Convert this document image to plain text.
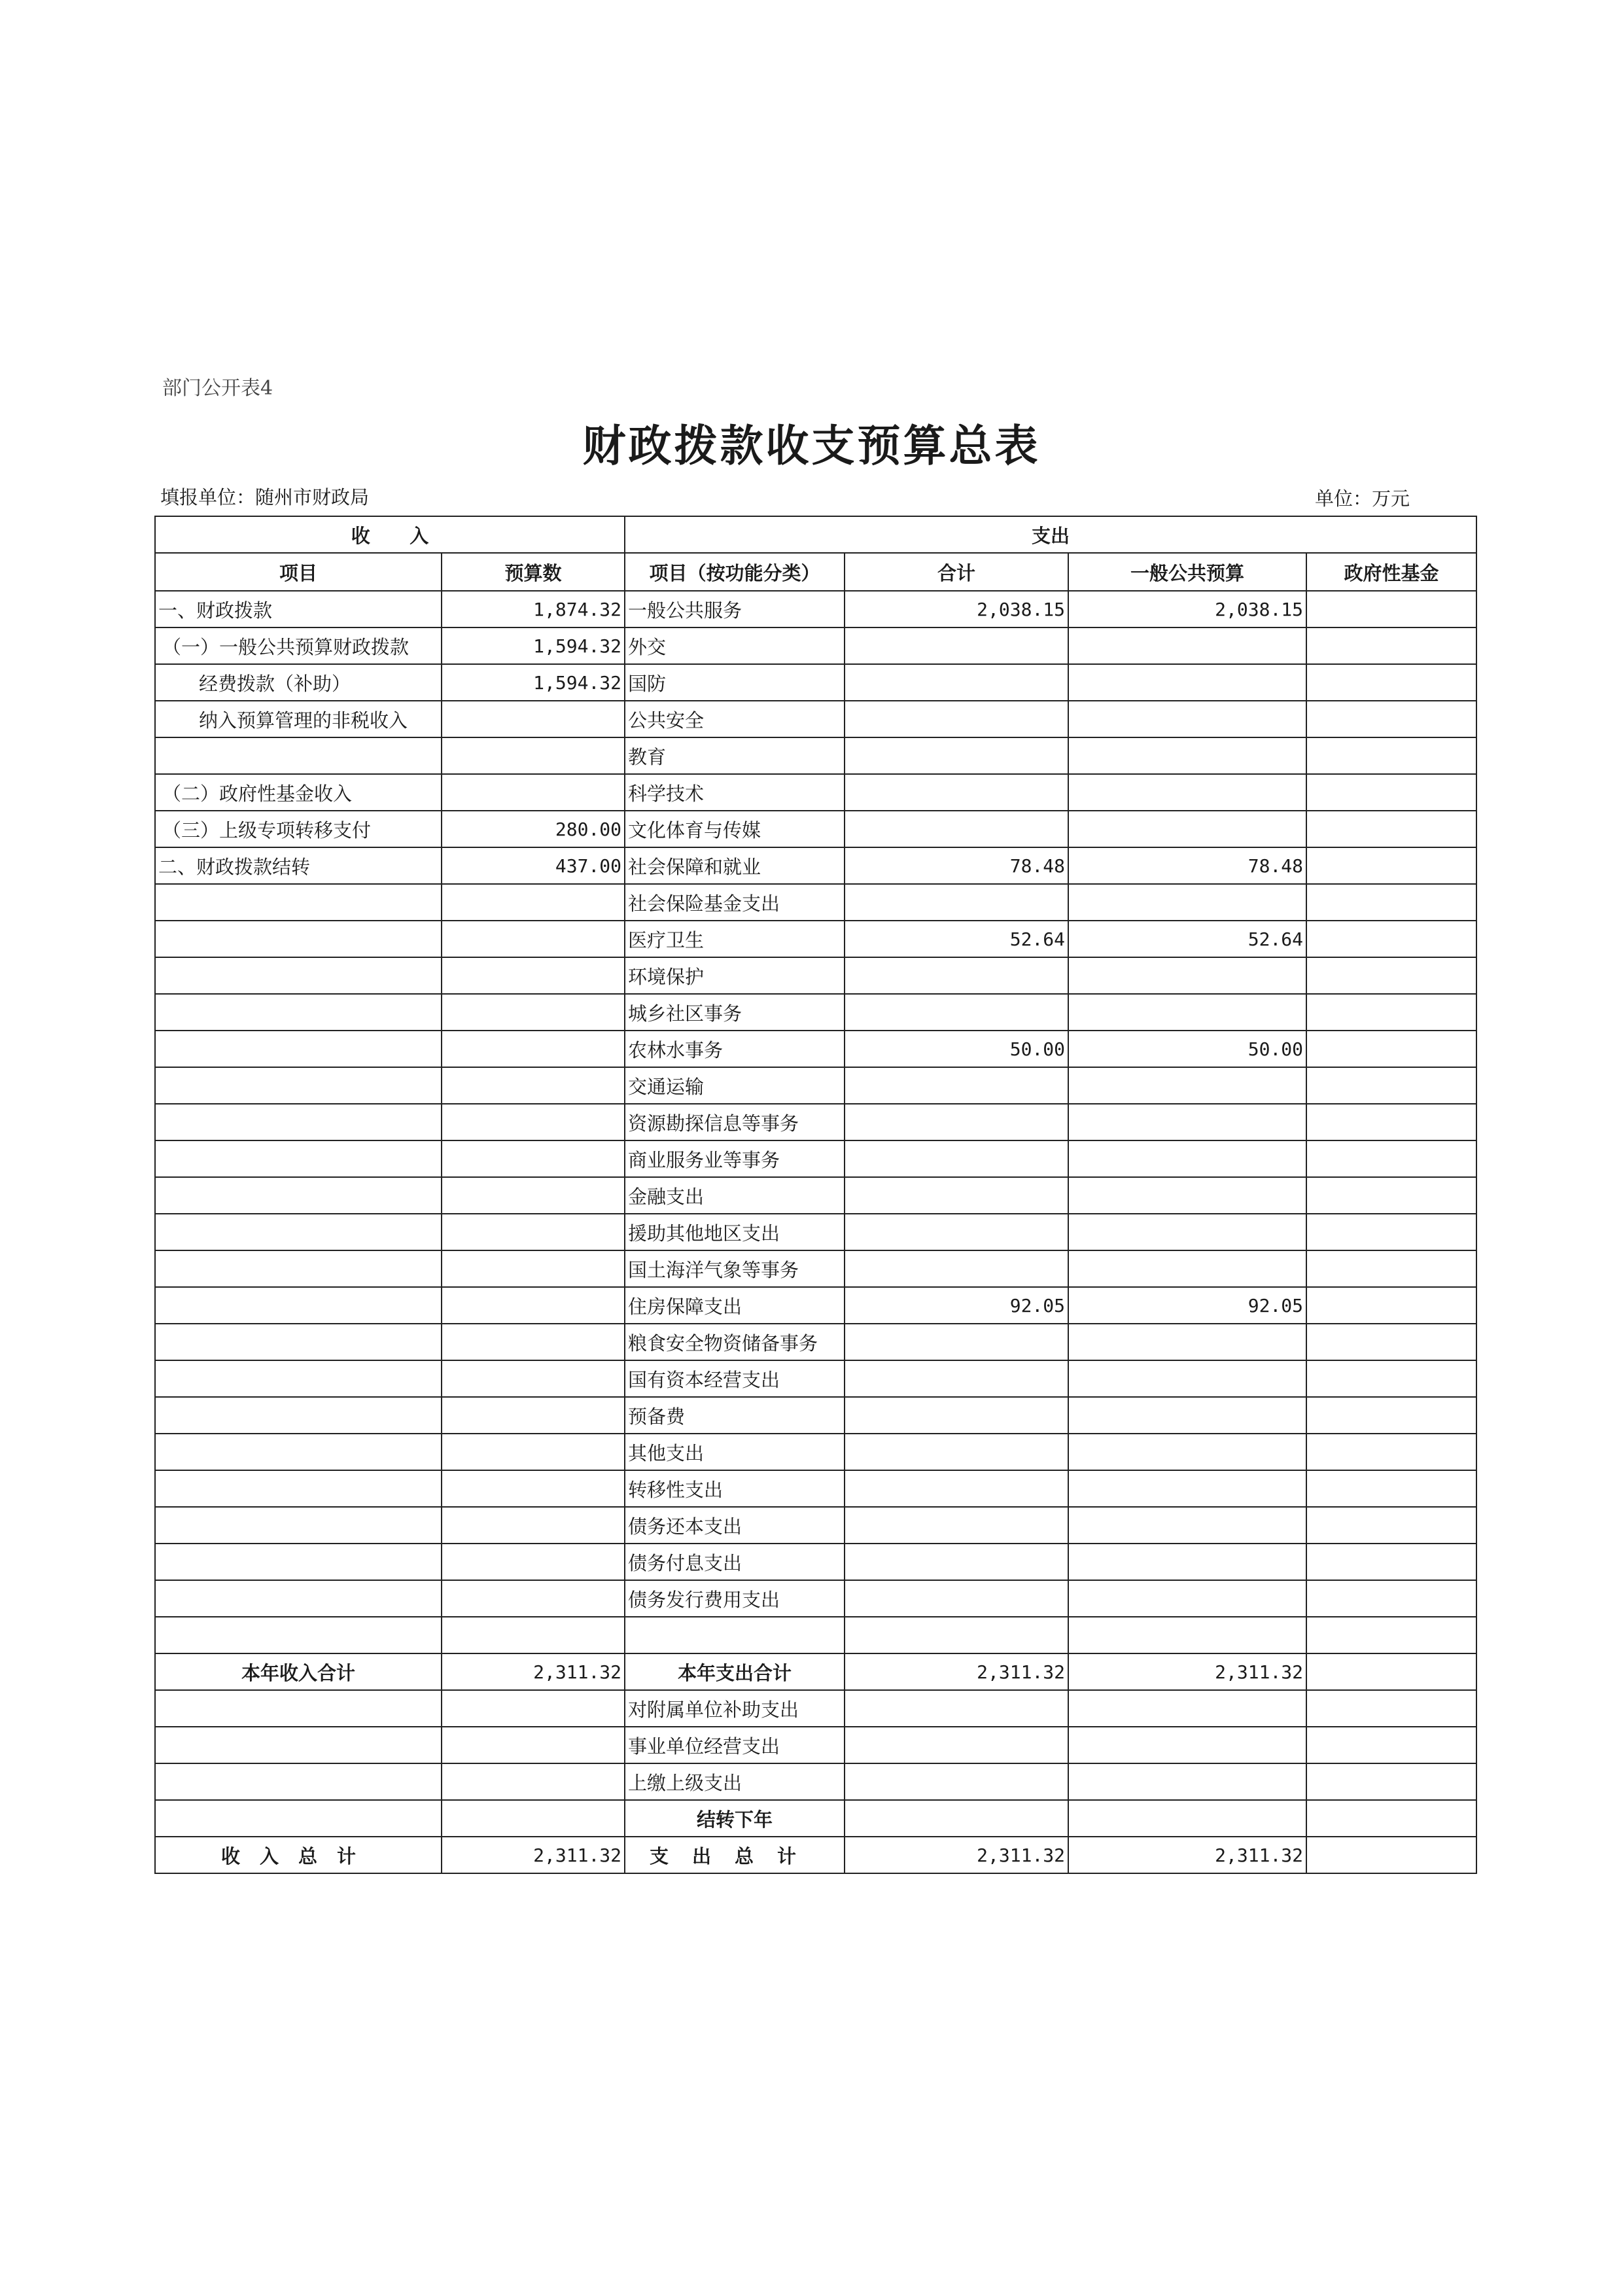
部门公开表4
财政拨款收支预算总表
填报单位：随州市财政局	单位：万元
收      入		支出			
项目	预算数	项目（按功能分类）	合计	一般公共预算	政府性基金
一、财政拨款	1,874.32	一般公共服务	2,038.15	2,038.15	
（一）一般公共预算财政拨款	1,594.32	外交			
经费拨款（补助）	1,594.32	国防			
纳入预算管理的非税收入		公共安全			
		教育			
（二）政府性基金收入		科学技术			
（三）上级专项转移支付	280.00	文化体育与传媒			
二、财政拨款结转	437.00	社会保障和就业	78.48	78.48	
		社会保险基金支出			
		医疗卫生	52.64	52.64	
		环境保护			
		城乡社区事务			
		农林水事务	50.00	50.00	
		交通运输			
		资源勘探信息等事务			
		商业服务业等事务			
		金融支出			
		援助其他地区支出			
		国土海洋气象等事务			
		住房保障支出	92.05	92.05	
		粮食安全物资储备事务			
		国有资本经营支出			
		预备费			
		其他支出			
		转移性支出			
		债务还本支出			
		债务付息支出			
		债务发行费用支出			

本年收入合计	2,311.32	本年支出合计	2,311.32	2,311.32	
		对附属单位补助支出			
		事业单位经营支出			
		上缴上级支出			
		结转下年			
收入总计	2,311.32	支出总计	2,311.32	2,311.32	
